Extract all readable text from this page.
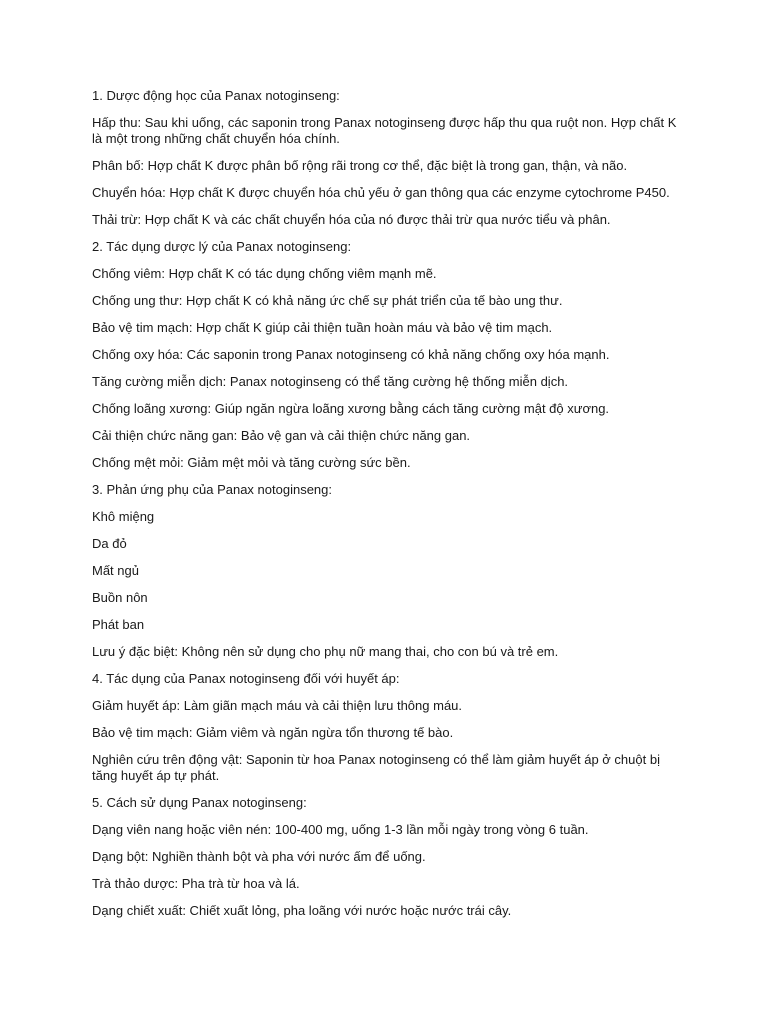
1. Dược động học của Panax notoginseng:

Hấp thu: Sau khi uống, các saponin trong Panax notoginseng được hấp thu qua ruột non. Hợp chất K là một trong những chất chuyển hóa chính.

Phân bố: Hợp chất K được phân bố rộng rãi trong cơ thể, đặc biệt là trong gan, thận, và não.

Chuyển hóa: Hợp chất K được chuyển hóa chủ yếu ở gan thông qua các enzyme cytochrome P450.

Thải trừ: Hợp chất K và các chất chuyển hóa của nó được thải trừ qua nước tiểu và phân.

2. Tác dụng dược lý của Panax notoginseng:

Chống viêm: Hợp chất K có tác dụng chống viêm mạnh mẽ.

Chống ung thư: Hợp chất K có khả năng ức chế sự phát triển của tế bào ung thư.

Bảo vệ tim mạch: Hợp chất K giúp cải thiện tuần hoàn máu và bảo vệ tim mạch.

Chống oxy hóa: Các saponin trong Panax notoginseng có khả năng chống oxy hóa mạnh.

Tăng cường miễn dịch: Panax notoginseng có thể tăng cường hệ thống miễn dịch.

Chống loãng xương: Giúp ngăn ngừa loãng xương bằng cách tăng cường mật độ xương.

Cải thiện chức năng gan: Bảo vệ gan và cải thiện chức năng gan.

Chống mệt mỏi: Giảm mệt mỏi và tăng cường sức bền.

3. Phản ứng phụ của Panax notoginseng:

Khô miệng

Da đỏ

Mất ngủ

Buồn nôn

Phát ban

Lưu ý đặc biệt: Không nên sử dụng cho phụ nữ mang thai, cho con bú và trẻ em.

4. Tác dụng của Panax notoginseng đối với huyết áp:

Giảm huyết áp: Làm giãn mạch máu và cải thiện lưu thông máu.

Bảo vệ tim mạch: Giảm viêm và ngăn ngừa tổn thương tế bào.

Nghiên cứu trên động vật: Saponin từ hoa Panax notoginseng có thể làm giảm huyết áp ở chuột bị tăng huyết áp tự phát.

5. Cách sử dụng Panax notoginseng:

Dạng viên nang hoặc viên nén: 100-400 mg, uống 1-3 lần mỗi ngày trong vòng 6 tuần.

Dạng bột: Nghiền thành bột và pha với nước ấm để uống.

Trà thảo dược: Pha trà từ hoa và lá.

Dạng chiết xuất: Chiết xuất lỏng, pha loãng với nước hoặc nước trái cây.
